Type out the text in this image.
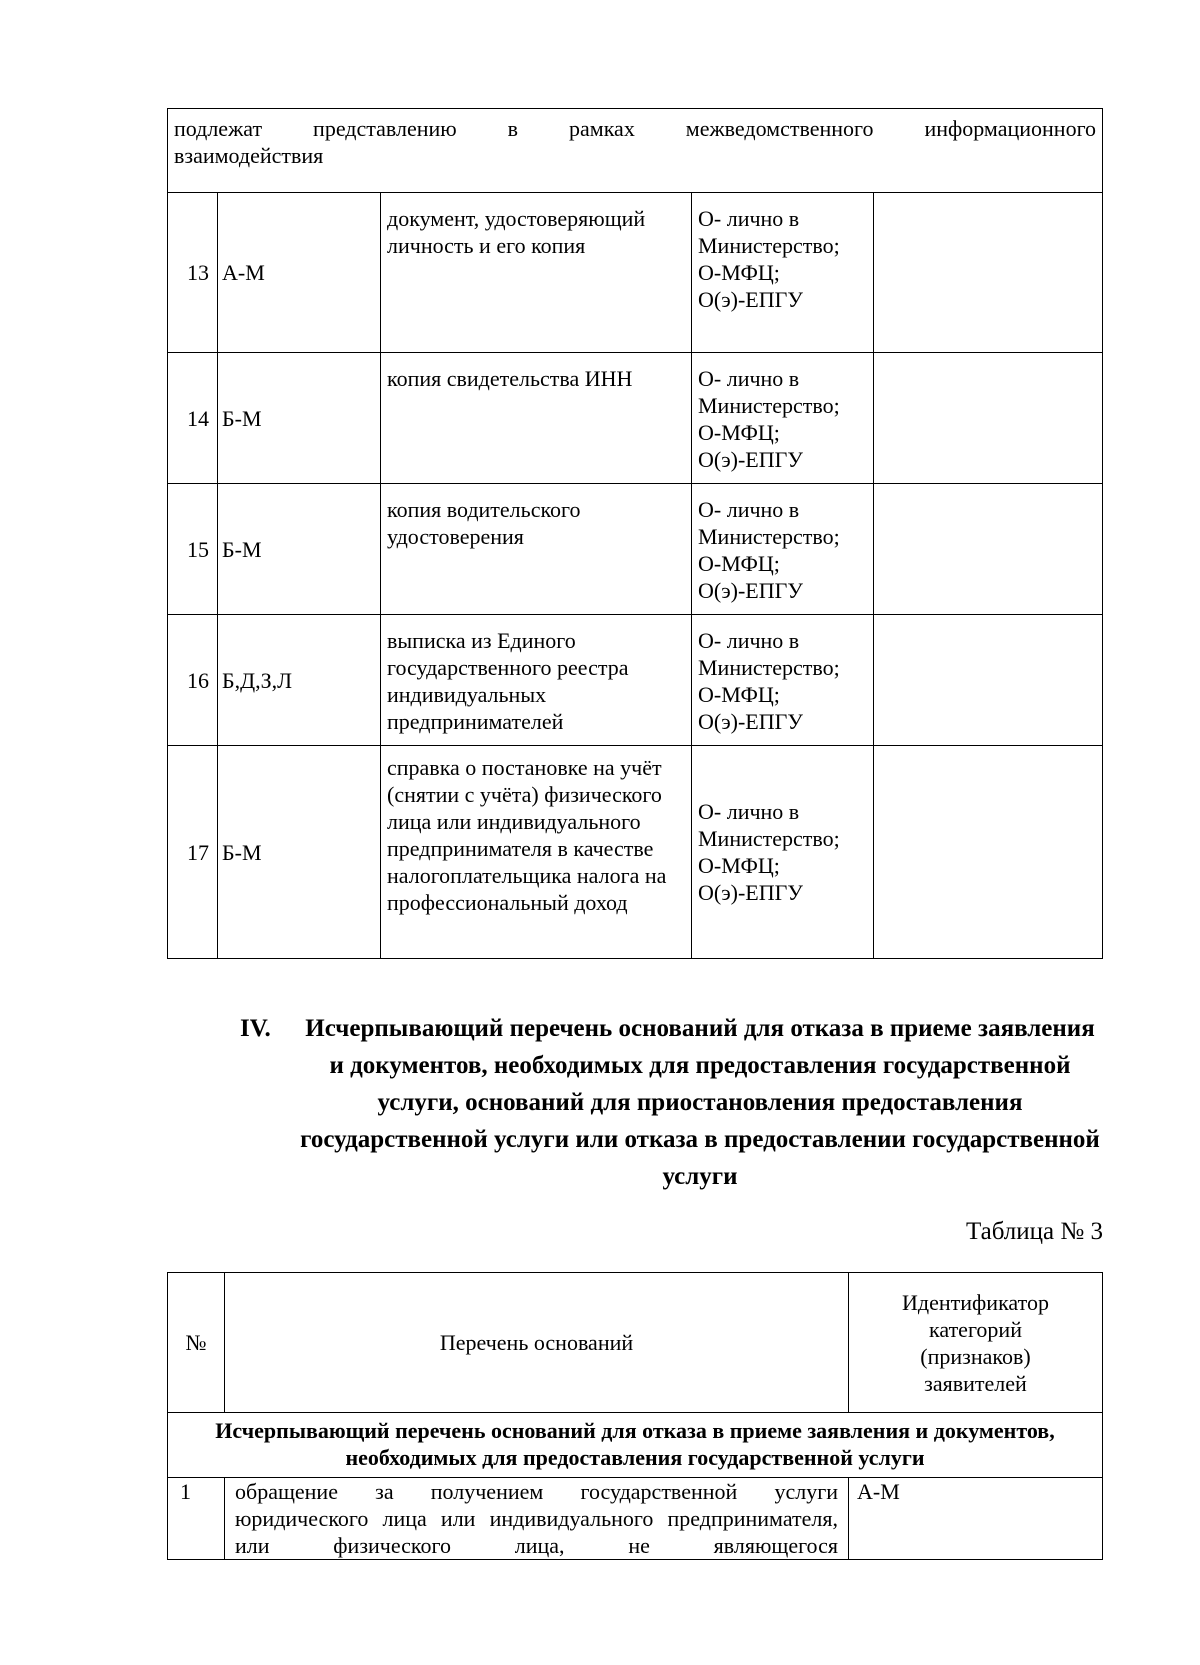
подлежат представлению в рамках межведомственного информационного
взаимодействия				
13	А-М	документ, удостоверяющий личность и его копия	О- лично в Министерство;
О-МФЦ;
О(э)-ЕПГУ	

14	Б-М	копия свидетельства ИНН	О- лично в Министерство;
О-МФЦ;
О(э)-ЕПГУ	

15	Б-М	копия водительского удостоверения	О- лично в Министерство;
О-МФЦ;
О(э)-ЕПГУ	

16	Б,Д,З,Л	выписка из Единого государственного реестра индивидуальных предпринимателей	О- лично в Министерство;
О-МФЦ;
О(э)-ЕПГУ	

17	Б-М	справка о постановке на учёт (снятии с учёта) физического лица или индивидуального предпринимателя в качестве налогоплательщика налога на профессиональный доход	О- лично в Министерство;
О-МФЦ;
О(э)-ЕПГУ	

IV.	Исчерпывающий перечень оснований для отказа в приеме заявления и документов, необходимых для предоставления государственной услуги, оснований для приостановления предоставления государственной услуги или отказа в предоставлении государственной услуги
Таблица № 3
№	Перечень оснований	Идентификатор категорий (признаков) заявителей
Исчерпывающий перечень оснований для отказа в приеме заявления и документов, необходимых для предоставления государственной услуги		
1	обращение за получением государственной услуги юридического лица или индивидуального предпринимателя, или физического лица, не являющегося	А-М
